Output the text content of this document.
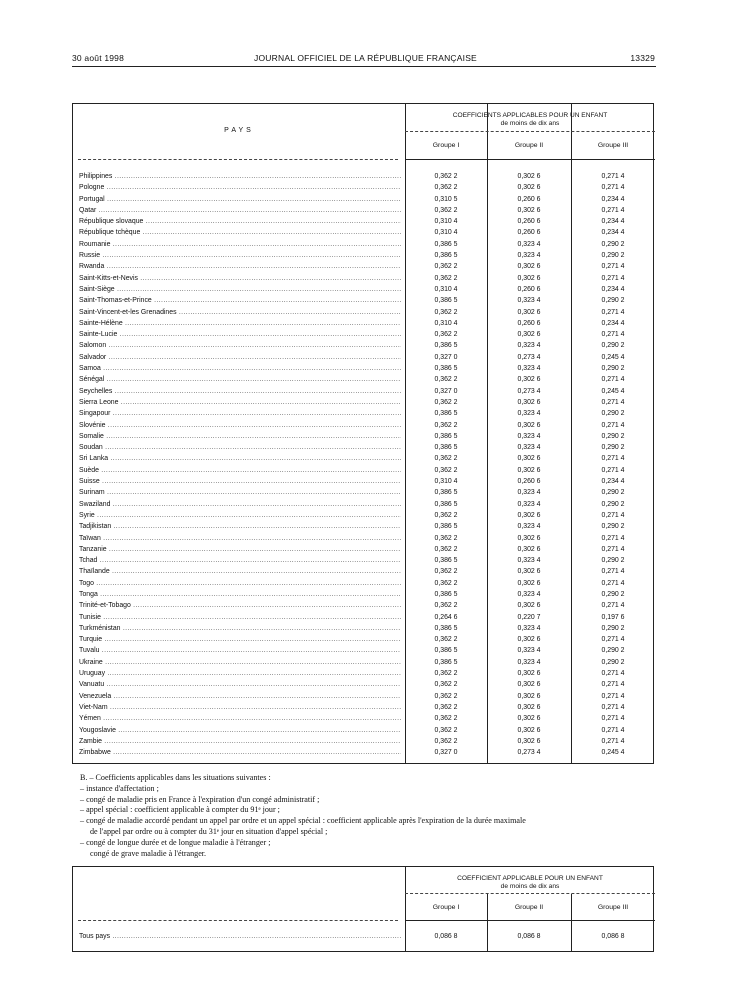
30 août 1998	JOURNAL OFFICIEL DE LA RÉPUBLIQUE FRANÇAISE	13329
PAYS
COEFFICIENTS APPLICABLES POUR UN ENFANT
de moins de dix ans
Groupe I	Groupe II	Groupe III
Philippines .....	0,362 2	0,302 6	0,271 4
Pologne .....	0,362 2	0,302 6	0,271 4
Portugal .....	0,310 5	0,260 6	0,234 4
Qatar .....	0,362 2	0,302 6	0,271 4
République slovaque .....	0,310 4	0,260 6	0,234 4
République tchèque .....	0,310 4	0,260 6	0,234 4
Roumanie .....	0,386 5	0,323 4	0,290 2
Russie .....	0,386 5	0,323 4	0,290 2
Rwanda .....	0,362 2	0,302 6	0,271 4
Saint-Kitts-et-Nevis .....	0,362 2	0,302 6	0,271 4
Saint-Siège .....	0,310 4	0,260 6	0,234 4
Saint-Thomas-et-Prince .....	0,386 5	0,323 4	0,290 2
Saint-Vincent-et-les Grenadines .....	0,362 2	0,302 6	0,271 4
Sainte-Hélène .....	0,310 4	0,260 6	0,234 4
Sainte-Lucie .....	0,362 2	0,302 6	0,271 4
Salomon .....	0,386 5	0,323 4	0,290 2
Salvador .....	0,327 0	0,273 4	0,245 4
Samoa .....	0,386 5	0,323 4	0,290 2
Sénégal .....	0,362 2	0,302 6	0,271 4
Seychelles .....	0,327 0	0,273 4	0,245 4
Sierra Leone .....	0,362 2	0,302 6	0,271 4
Singapour .....	0,386 5	0,323 4	0,290 2
Slovénie .....	0,362 2	0,302 6	0,271 4
Somalie .....	0,386 5	0,323 4	0,290 2
Soudan .....	0,386 5	0,323 4	0,290 2
Sri Lanka .....	0,362 2	0,302 6	0,271 4
Suède .....	0,362 2	0,302 6	0,271 4
Suisse .....	0,310 4	0,260 6	0,234 4
Surinam .....	0,386 5	0,323 4	0,290 2
Swaziland .....	0,386 5	0,323 4	0,290 2
Syrie .....	0,362 2	0,302 6	0,271 4
Tadjikistan .....	0,386 5	0,323 4	0,290 2
Taïwan .....	0,362 2	0,302 6	0,271 4
Tanzanie .....	0,362 2	0,302 6	0,271 4
Tchad .....	0,386 5	0,323 4	0,290 2
Thaïlande .....	0,362 2	0,302 6	0,271 4
Togo .....	0,362 2	0,302 6	0,271 4
Tonga .....	0,386 5	0,323 4	0,290 2
Trinité-et-Tobago .....	0,362 2	0,302 6	0,271 4
Tunisie .....	0,264 6	0,220 7	0,197 6
Turkménistan .....	0,386 5	0,323 4	0,290 2
Turquie .....	0,362 2	0,302 6	0,271 4
Tuvalu .....	0,386 5	0,323 4	0,290 2
Ukraine .....	0,386 5	0,323 4	0,290 2
Uruguay .....	0,362 2	0,302 6	0,271 4
Vanuatu .....	0,362 2	0,302 6	0,271 4
Venezuela .....	0,362 2	0,302 6	0,271 4
Viet-Nam .....	0,362 2	0,302 6	0,271 4
Yémen .....	0,362 2	0,302 6	0,271 4
Yougoslavie .....	0,362 2	0,302 6	0,271 4
Zambie .....	0,362 2	0,302 6	0,271 4
Zimbabwe .....	0,327 0	0,273 4	0,245 4

B. – Coefficients applicables dans les situations suivantes :

– instance d'affectation ;

– congé de maladie pris en France à l'expiration d'un congé administratif ;

– appel spécial : coefficient applicable à compter du 91ᵉ jour ;

– congé de maladie accordé pendant un appel par ordre et un appel spécial : coefficient applicable après l'expiration de la durée maximale

de l'appel par ordre ou à compter du 31ᵉ jour en situation d'appel spécial ;

– congé de longue durée et de longue maladie à l'étranger ;

congé de grave maladie à l'étranger.

COEFFICIENT APPLICABLE POUR UN ENFANT
de moins de dix ans
Groupe I	Groupe II	Groupe III
Tous pays .....	0,086 8	0,086 8	0,086 8
